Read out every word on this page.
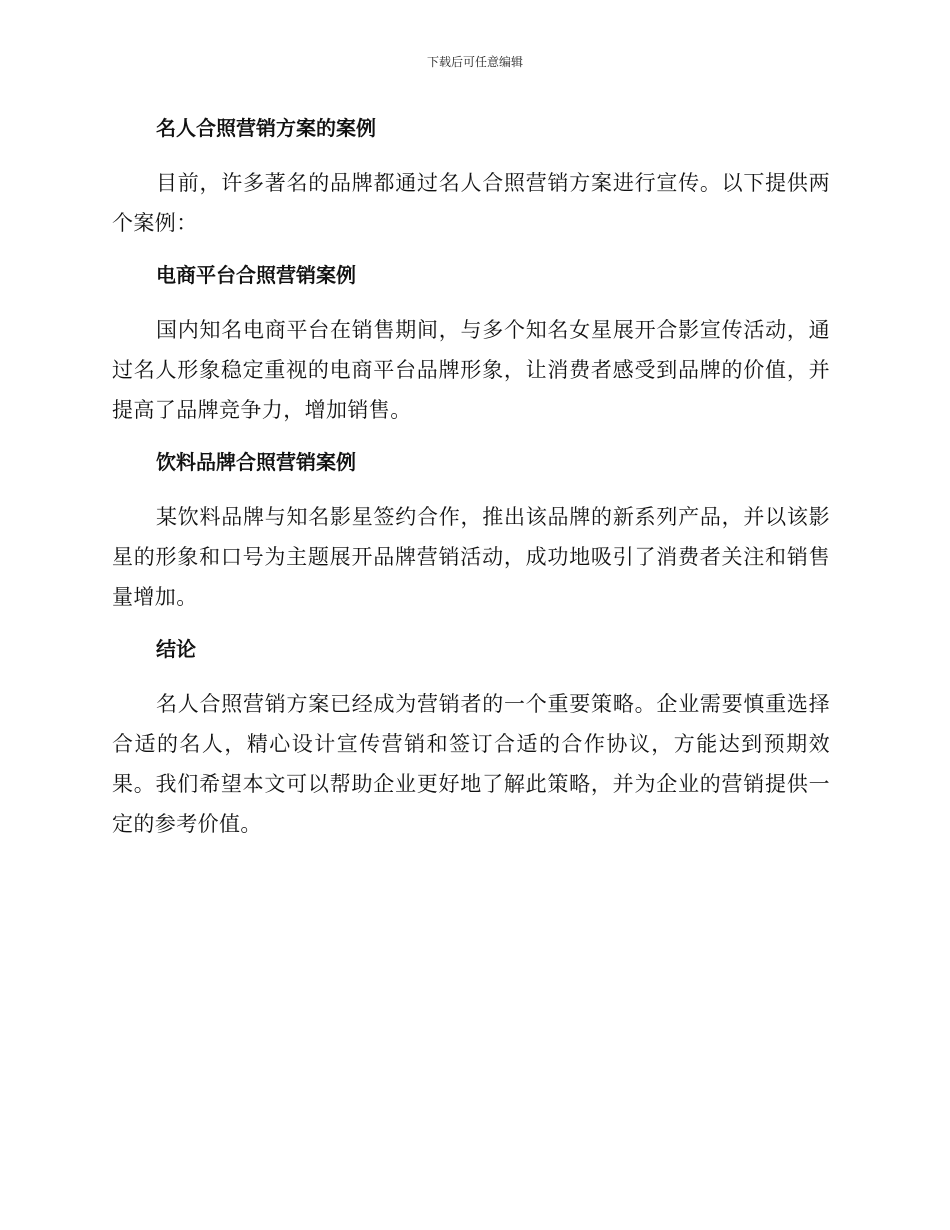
下载后可任意编辑
名人合照营销方案的案例

目前，许多著名的品牌都通过名人合照营销方案进行宣传。以下提供两个案例：

电商平台合照营销案例

国内知名电商平台在销售期间，与多个知名女星展开合影宣传活动，通过名人形象稳定重视的电商平台品牌形象，让消费者感受到品牌的价值，并提高了品牌竞争力，增加销售。

饮料品牌合照营销案例

某饮料品牌与知名影星签约合作，推出该品牌的新系列产品，并以该影星的形象和口号为主题展开品牌营销活动，成功地吸引了消费者关注和销售量增加。

结论

名人合照营销方案已经成为营销者的一个重要策略。企业需要慎重选择合适的名人，精心设计宣传营销和签订合适的合作协议，方能达到预期效果。我们希望本文可以帮助企业更好地了解此策略，并为企业的营销提供一定的参考价值。
